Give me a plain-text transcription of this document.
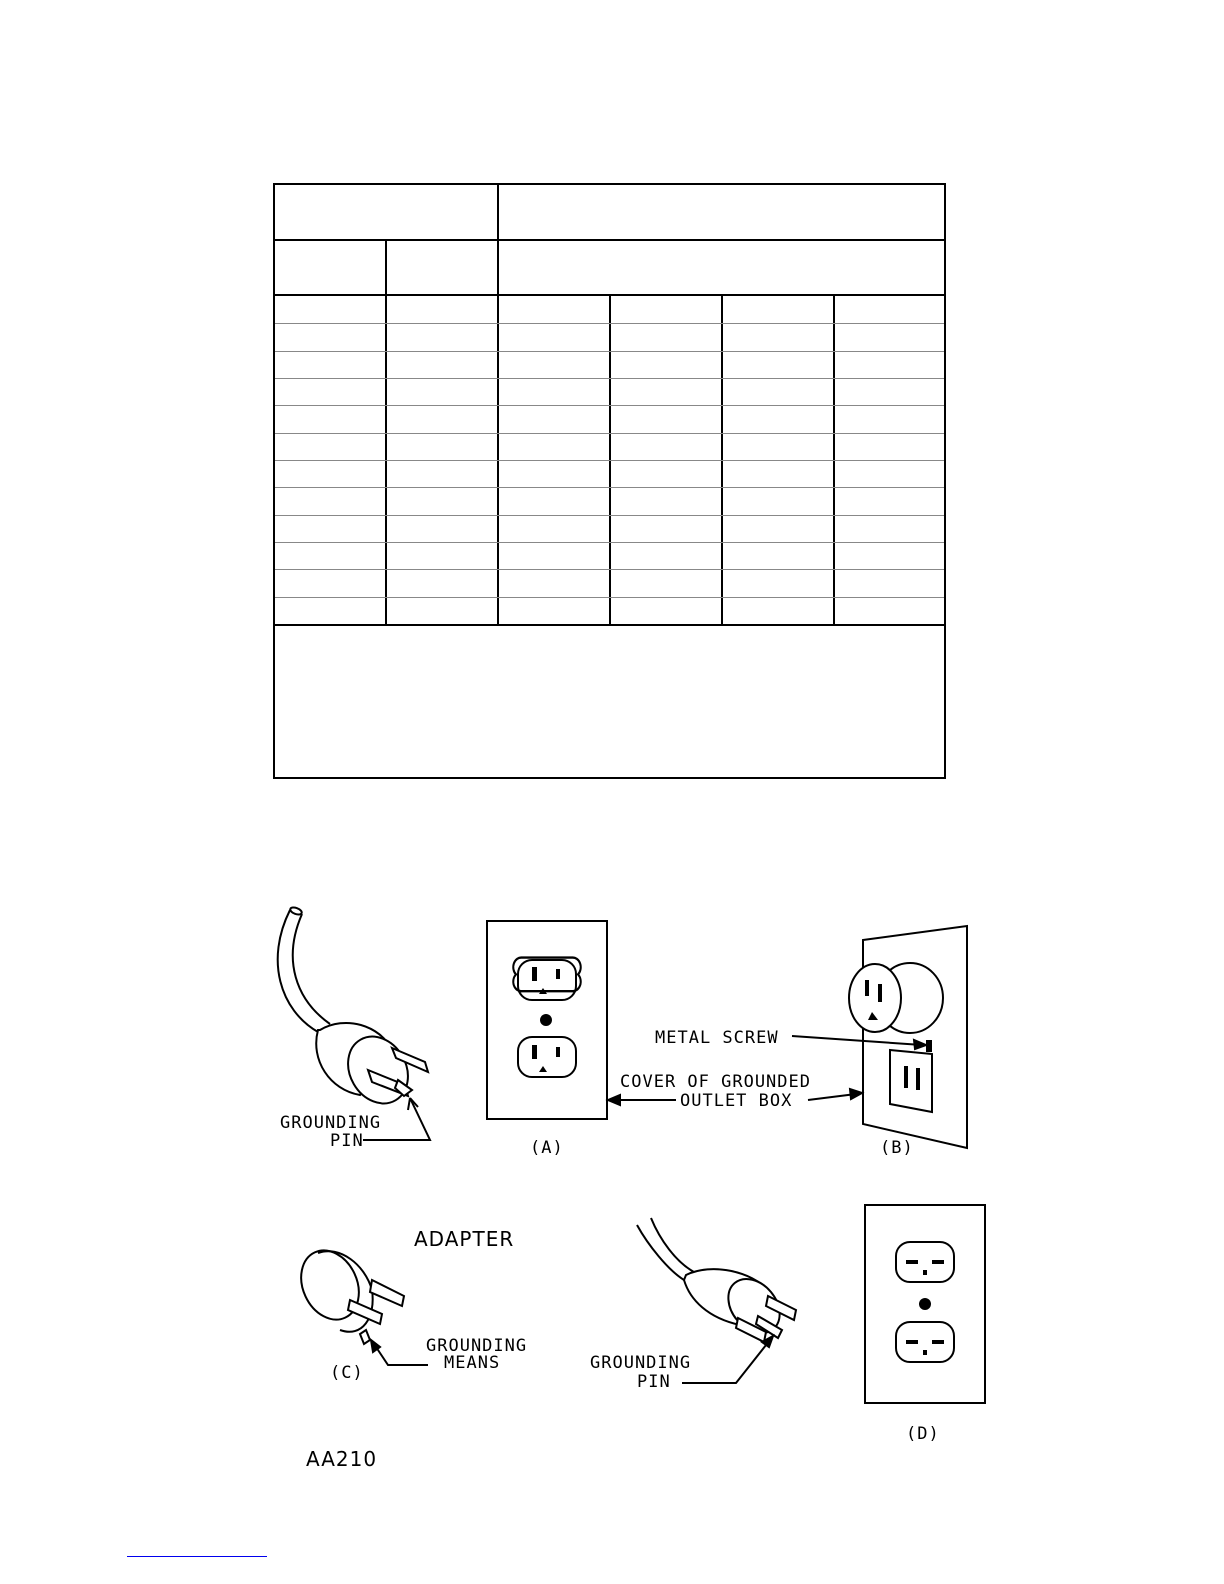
GROUNDING
PIN	(A)	(B)
METAL SCREW
COVER OF GROUNDED
OUTLET BOX
ADAPTER
GROUNDING
MEANS
(C)	GROUNDING
PIN
(D)
AA210
